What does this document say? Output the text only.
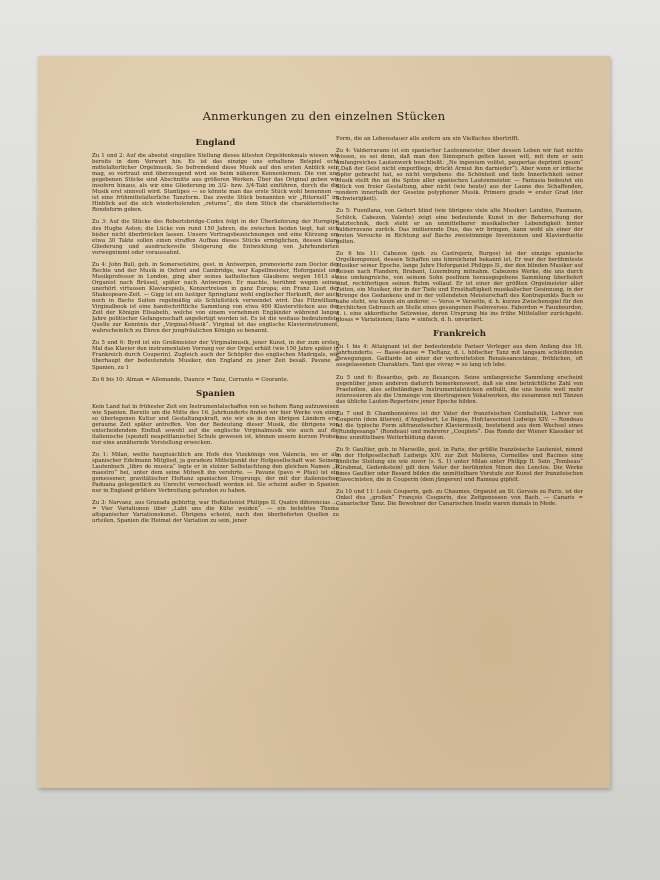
Anmerkungen zu den einzelnen Stücken
England

Zu 1 und 2: Auf die absolut singuläre Stellung dieses ältesten Orgeldenkmals wiesen wir bereits in dem Vorwort hin. Es ist das einzige uns erhaltene Beispiel echt mittelalterlicher Orgelmusik. So befremdend diese Musik auf den ersten Anblick sein mag, so vertraut und überzeugend wird sie beim näheren Kennenlernen. Die von uns gegebenen Stücke sind Abschnitte aus größeren Werken. Über das Original geben wir insofern hinaus, als wir eine Gliederung im 3/2- bzw. 3/4-Takt einführen, durch die die Musik erst sinnvoll wird. Stantipes — so könnte man das erste Stück wohl benennen — ist eine frühmittelalterliche Tanzform. Das zweite Stück benannten wir „Ritornell“ im Hinblick auf die sich wiederholenden „returne“, die dem Stück die charakteristische Rondoform geben.

Zu 3: Auf die Stücke des Robertsbridge-Codex folgt in der Überlieferung der Hornpipe des Hughe Aston; die Lücke von rund 150 Jahren, die zwischen beiden liegt, hat sich bisher nicht überbrücken lassen. Unsere Vortragsbezeichnungen und eine Kürzung um etwa 30 Takte sollen einen straffen Aufbau dieses Stücks ermöglichen, dessen klare Gliederung und ausdrucksvolle Steigerung die Entwicklung von Jahrhunderten vorwegnimmt oder voraussahnt.

Zu 4: John Bull, geb. in Somersetshire, gest. in Antwerpen, promovierte zum Doctor der Rechte und der Musik in Oxford und Cambridge, war Kapellmeister, Hoforganist und Musikprofessor in London, ging aber seines katholischen Glaubens wegen 1613 als Organist nach Brüssel, später nach Antwerpen. Er machte, berühmt wegen seines unerhört virtuosen Klavierspiels, Konzertreisen in ganz Europa; ein Franz Liszt der Shakespeare-Zeit. — Gigg ist ein lustiger Springtanz wohl englischer Herkunft, der auch noch in Bachs Suiten regelmäßig als Schlußstück verwendet wird. Das Fitzwilliam-Virginalbook ist eine handschriftliche Sammlung von etwa 400 Klavierstücken aus der Zeit der Königin Elisabeth, welche von einem vornehmen Engländer während langer Jahre politischer Gefangenschaft angefertigt worden ist. Es ist die weitaus bedeutendste Quelle zur Kenntnis der „Virginal-Musik“. Virginal ist das englische Klavierinstrument, wahrscheinlich zu Ehren der jungfräulichen Königin so benannt.

Zu 5 und 6: Byrd ist ein Großmeister der Virginalmusik, jener Kunst, in der zum ersten Mal das Klavier den instrumentalen Vorrang vor der Orgel erhält (wie 150 Jahre später in Frankreich durch Couperin). Zugleich auch der Schöpfer des englischen Madrigals, wie überhaupt der bedeutendste Musiker, den England zu jener Zeit besaß. Pavane = Spanien, zu 1

Zu 6 bis 10: Alman = Allemande, Daunce = Tanz, Corranto = Courante.

Spanien

Kein Land hat in frühester Zeit ein Instrumentalschaffen von so hohem Rang aufzuweisen wie Spanien. Bereits um die Mitte des 16. Jahrhunderts finden wir hier Werke von einer so überlegenen Kultur und Gestaltungskraft, wie wir sie in den übrigen Ländern erst geraume Zeit später antreffen. Von der Bedeutung dieser Musik, die übrigens von entscheidendem Einfluß sowohl auf die englische Virginalmusik wie auch auf die italienische (speziell neapolitanische) Schule gewesen ist, können unsere kurzen Proben nur eine annähernde Vorstellung erwecken.

Zu 1: Milan, weilte hauptsächlich am Hofe des Vizekönigs von Valencia, wo er als spanischer Edelmann Mitglied, ja geradezu Mittelpunkt der Hofgesellschaft war. Seinem Lautenbuch „libro de musica“ legte er in stolzer Selbstachtung den gleichen Namen „Il maestro“ bei, unter dem seine Mitwelt ihn verehrte. — Pavane (pavo = Pfau) ist ein gemessener, gravitätischer Hoftanz spanischen Ursprungs, der mit der italienischen Paduana gelegentlich zu Unrecht verwechselt worden ist. Sie scheint außer in Spanien nur in England größere Verbreitung gefunden zu haben.

Zu 3: Narvaez, aus Granada gebürtig, war Hoflautenist Philipps II. Quatro diferencias .... = Vier Variationen über „Labt uns die Kühe weiden“. — ein beliebtes Thema altspanischer Variationskunst. Übrigens scheint, nach den überlieferten Quellen zu urteilen, Spanien die Heimat der Variation zu sein, jener

Form, die an Lebensdauer alle andern um ein Vielfaches übertrifft.

Zu 4: Valderravano ist ein spanischer Lautenmeister, über dessen Leben wir fast nichts wissen, es sei denn, daß man den Sinnspruch gelten lassen will, mit dem er sein umfangreiches Lautenwerk beschließt: „Ne ingenium volitet, paupertas deprimit ipsum“ („Daß der Geist nicht emporfliege, drückt Armut ihn darnieder“). Aber wenn er irdische Opfer gebracht hat, so nicht vergebens: die Schönheit und tiefe Innerlichkeit seiner Musik stellt ihn an die Spitze aller spanischen Lautenmeister. — Fantasia bedeutet ein Stück von freier Gestaltung, aber nicht (wie heute) aus der Laune des Schaffenden, sondern innerhalb der Gesetze polyphoner Musik. Primero grado = erster Grad (der Schwierigkeit).

Zu 5: Fuenllana, von Geburt blind (wie übrigens viele alte Musiker: Landino, Paumann, Schlick, Cabezon, Valente) zeigt eine bedeutende Kunst in der Beherrschung der Satztechnik, doch steht er an unmittelbarer musikalischer Lebendigkeit hinter Valderravano zurück. Das imitierende Duo, das wir bringen, kann wohl als einer der ersten Versuche in Richtung auf Bachs zweistimmige Inventionen und Klavierduette gelten.

Zu 6 bis 11: Cabezon (geb. zu Castrojeriz, Burgos) ist der einzige spanische Orgelkomponist, dessen Schaffen uns hinreichend bekannt ist. Er war der berühmteste Musiker seiner Epoche, lange Jahre Hoforganist Philipps II., der den blinden Musiker auf Reisen nach Flandern, Brabant, Luxemburg mitnahm. Cabezons Werke, die uns durch eine umfangreiche, von seinem Sohn posthum herausgegebene Sammlung überliefert sind, rechtfertigen seinen Ruhm vollauf. Er ist einer der größten Orgelmeister aller Zeiten, ein Musiker, der in der Tiefe und Ernsthaftigkeit musikalischer Gesinnung, in der Strenge des Gedankens und in der vollendeten Meisterschaft des Kontrapunkts Bach so nahe steht, wie kaum ein anderer. — Verso = Versette, d. h. kurzes Zwischenspiel für den kirchlichen Gebrauch an Stelle eines gesungenen Psalmverses. Fabordon = Fauxbourdon, d. i. eine akkordische Setzweise, deren Ursprung bis ins frühe Mittelalter zurückgeht. glosas = Variationen; llano = einfach, d. h. unvariiert.

Frankreich

Zu 1 bis 4: Attaignant ist der bedeutendste Pariser Verleger aus dem Anfang des 16. Jahrhunderts. — Basse-danse = Tieftanz, d. i. höfischer Tanz mit langsam schleifenden Bewegungen. Gaillarde ist einer der verbreitetsten Renaissancetänze, fröhlichen, oft ausgelassenen Charakters. Tant que vivray = so lang ich lebe.

Zu 5 und 6: Besardus, geb. zu Besançon. Seine umfangreiche Sammlung erscheint gegenüber jenen anderen dadurch bemerkenswert, daß sie eine beträchtliche Zahl von Praeludien, also selbständigen Instrumentalstücken enthält, die uns heute weit mehr interessieren als die Unmenge von übertragenen Vokalwerken, die zusammen mit Tänzen das übliche Lauten-Repertoire jener Epoche bilden.

Zu 7 und 8: Chambonnières ist der Vater der französischen Cembalistik, Lehrer von Couperin (dem älteren), d’Anglebert, Le Bègue, Hofclavecinist Ludwigs XIV. — Rondeau ist die typische Form altfranzösischer Klaviermusik, bestehend aus dem Wechsel eines „Rundgesangs“ (Rondeau) und mehrerer „Couplets“. Das Rondo der Wiener Klassiker ist eine unmittelbare Weiterbildung davon.

Zu 9: Gaultier, geb. in Marseille, gest. in Paris, der größte französische Lautenist, nimmt in der Hofgesellschaft Ludwigs XIV. zur Zeit Molières, Corneilles und Racines eine ähnliche Stellung ein wie zuvor (s. S. 1) unter Milan unter Philipp II. Sein „Tombeau“ (Grabmal, Gedenkstein) gilt dem Vater der berühmten Ninon des Lenclos. Die Werke eines Gaultier oder Besard bilden die unmittelbare Vorstufe zur Kunst der französischen Clavecinisten, die in Couperin (dem jüngeren) und Rameau gipfelt.

Zu 10 und 11: Louis Couperin, geb. zu Chaumes, Organist an St. Gervais zu Paris, ist der Onkel des „großen“ François Couperin, des Zeitgenossen von Bach. — Canaris = Canarischer Tanz. Die Bewohner der Canarischen Inseln waren damals in Mode.
